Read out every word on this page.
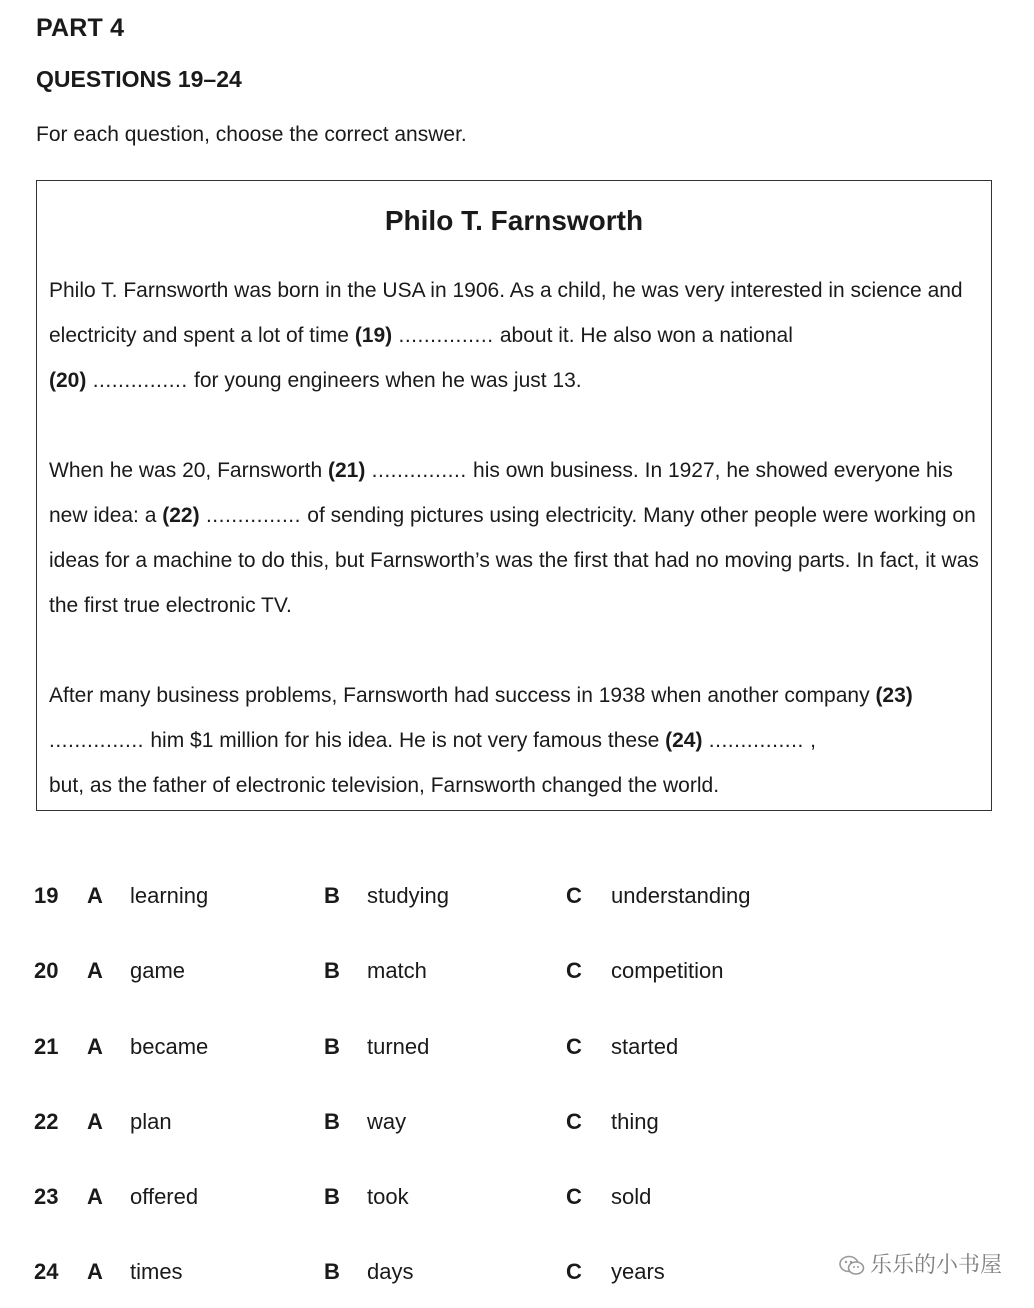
PART 4
QUESTIONS 19–24
For each question, choose the correct answer.
Philo T. Farnsworth
Philo T. Farnsworth was born in the USA in 1906. As a child, he was very interested in science and electricity and spent a lot of time (19) ............... about it. He also won a national
(20) ............... for young engineers when he was just 13.
When he was 20, Farnsworth (21) ............... his own business. In 1927, he showed everyone his new idea: a (22) ............... of sending pictures using electricity. Many other people were working on ideas for a machine to do this, but Farnsworth’s was the first that had no moving parts. In fact, it was the first true electronic TV.
After many business problems, Farnsworth had success in 1938 when another company (23) ............... him $1 million for his idea. He is not very famous these (24) ............... ,
but, as the father of electronic television, Farnsworth changed the world.
19 A learning	B studying	C understanding
20 A game	B match	C competition
21 A became	B turned	C started
22 A plan	B way	C thing
23 A offered	B took	C sold
24 A times	B days	C years	乐乐的小书屋
